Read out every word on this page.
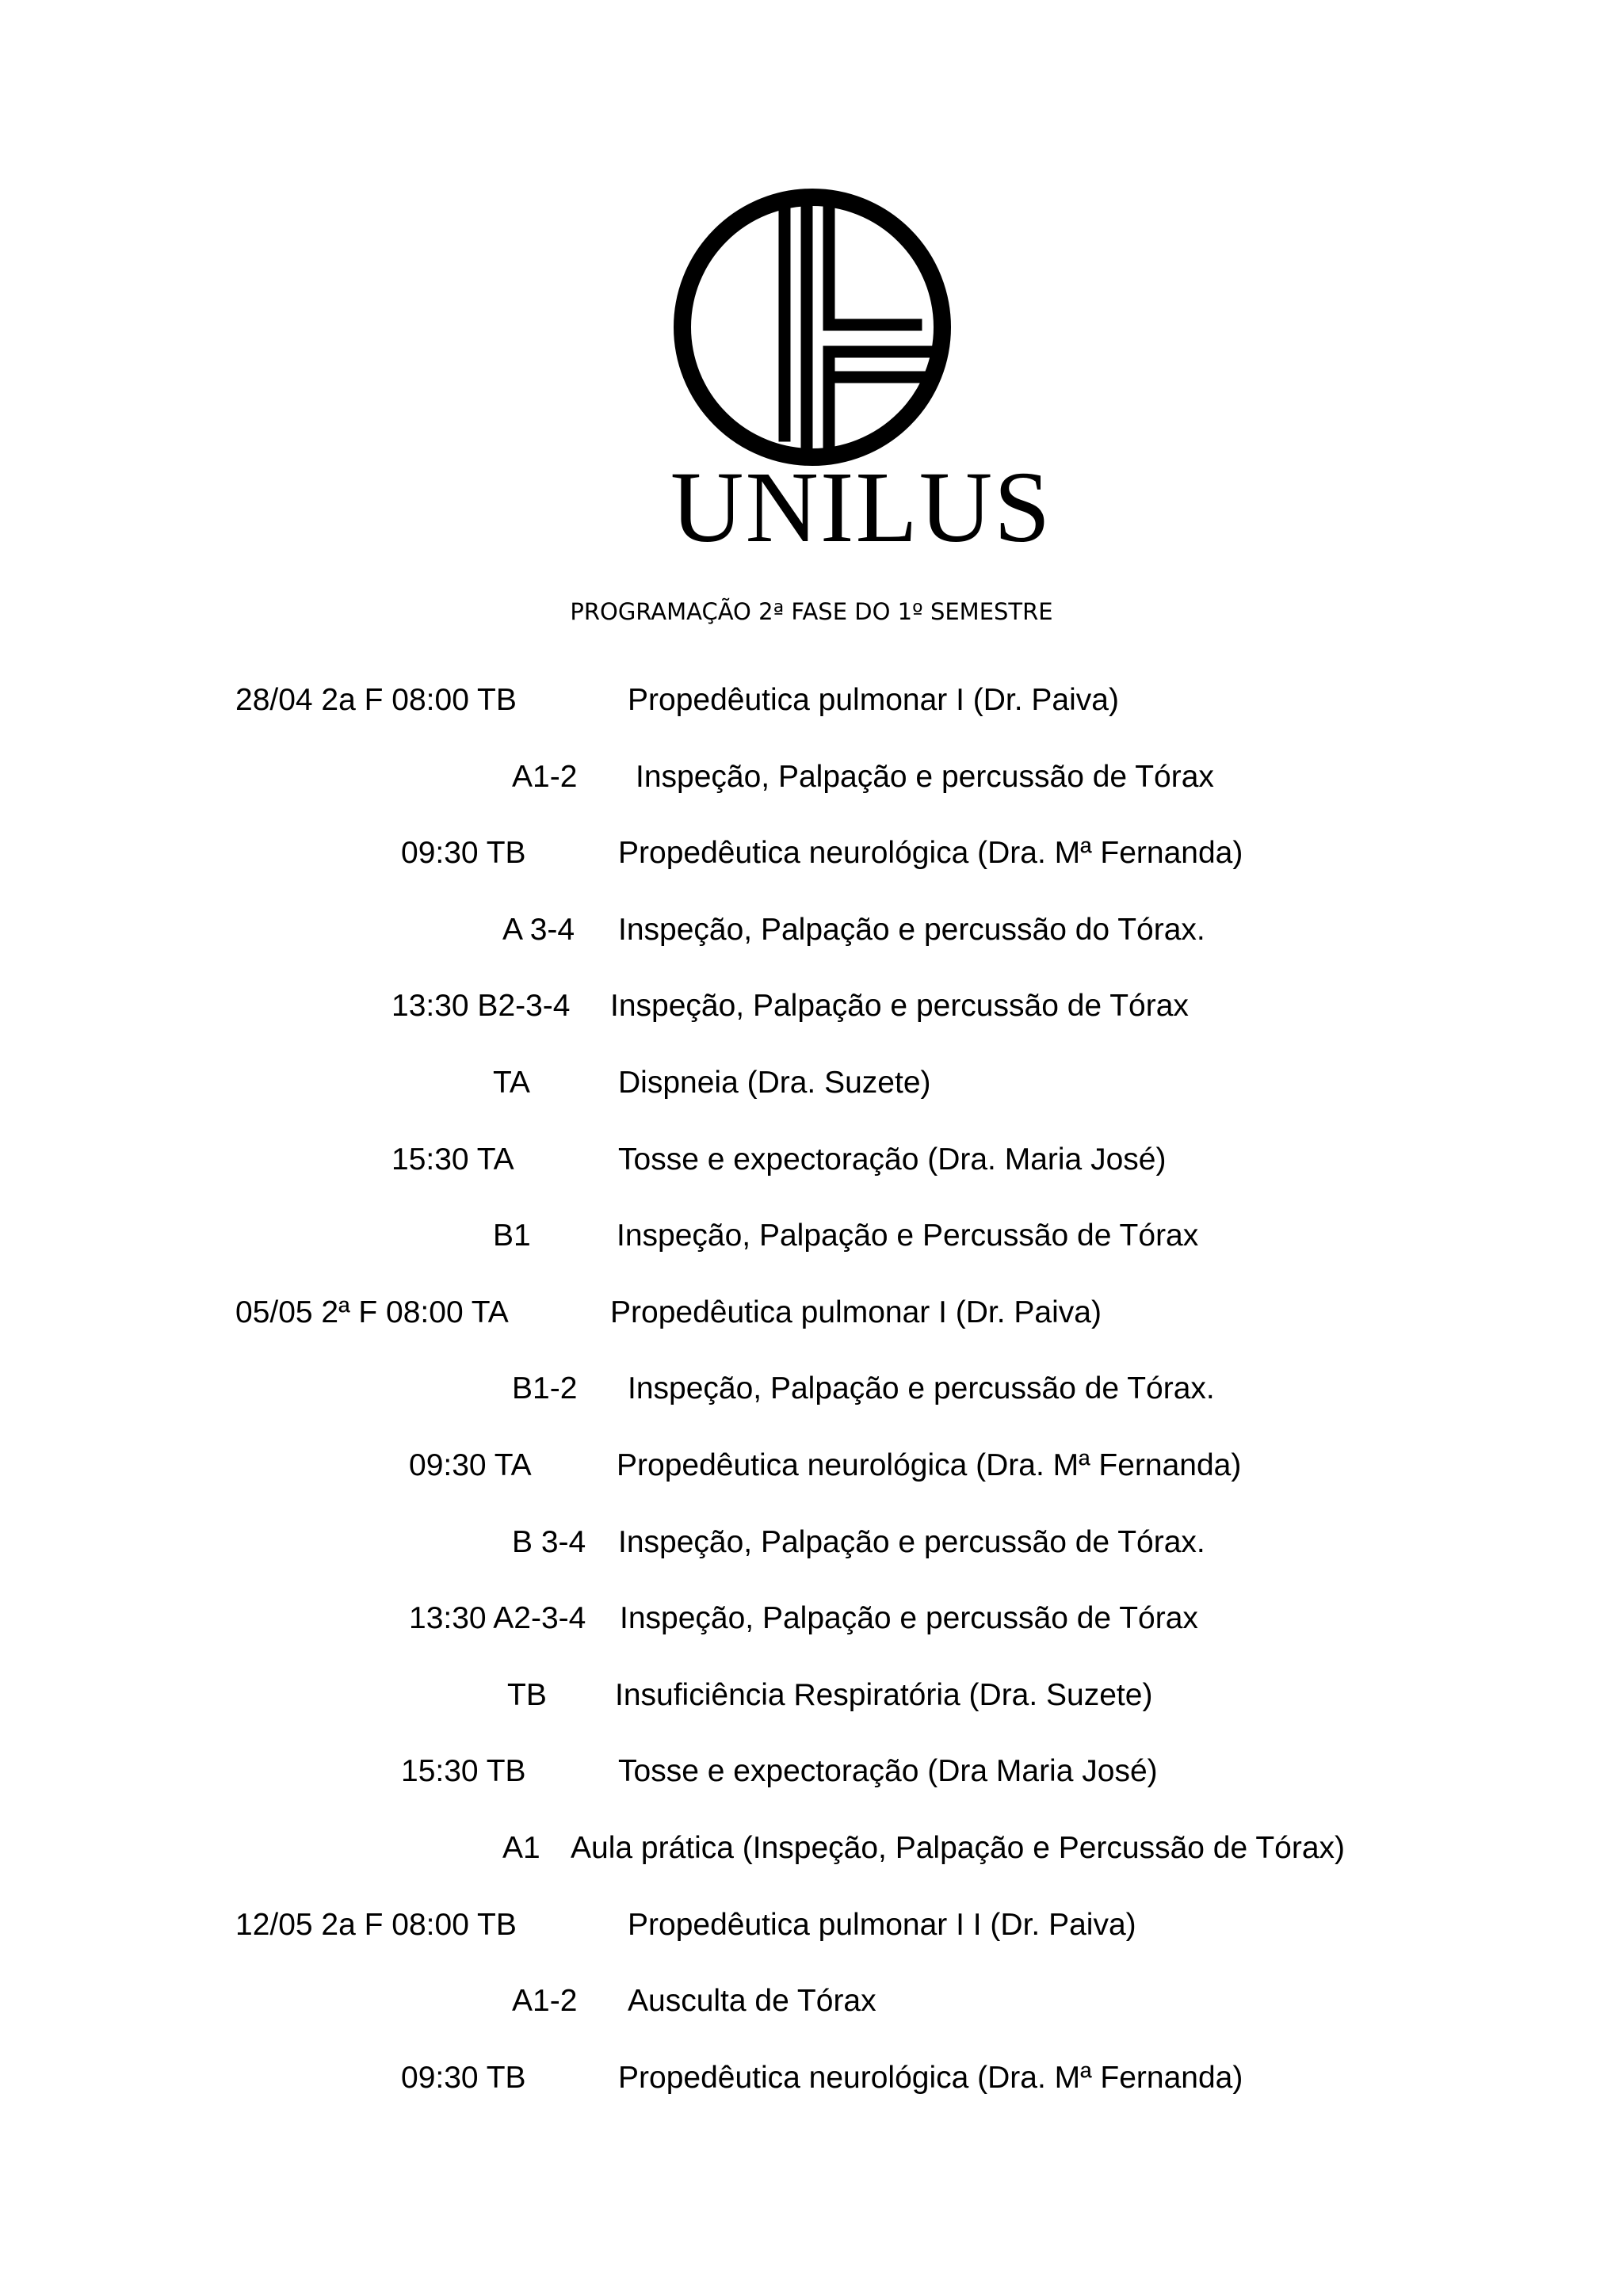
UNILUS
PROGRAMAÇÃO 2ª FASE DO 1º SEMESTRE
28/04 2a F 08:00 TB	Propedêutica pulmonar I (Dr. Paiva)
A1-2 Inspeção, Palpação e percussão de Tórax
09:30 TB	Propedêutica neurológica (Dra. Mª Fernanda)
A 3-4 Inspeção, Palpação e percussão do Tórax.
13:30 B2-3-4 Inspeção, Palpação e percussão de Tórax
TA	Dispneia (Dra. Suzete)
15:30 TA	Tosse e expectoração (Dra. Maria José)
B1	Inspeção, Palpação e Percussão de Tórax
05/05 2ª F 08:00 TA	Propedêutica pulmonar I (Dr. Paiva)
B1-2 Inspeção, Palpação e percussão de Tórax.
09:30 TA	Propedêutica neurológica (Dra. Mª Fernanda)
B 3-4 Inspeção, Palpação e percussão de Tórax.
13:30 A2-3-4 Inspeção, Palpação e percussão de Tórax
TB Insuficiência Respiratória (Dra. Suzete)
15:30 TB	Tosse e expectoração (Dra Maria José)
A1 Aula prática (Inspeção, Palpação e Percussão de Tórax)
12/05 2a F 08:00 TB	Propedêutica pulmonar I I (Dr. Paiva)
A1-2 Ausculta de Tórax
09:30 TB	Propedêutica neurológica (Dra. Mª Fernanda)
